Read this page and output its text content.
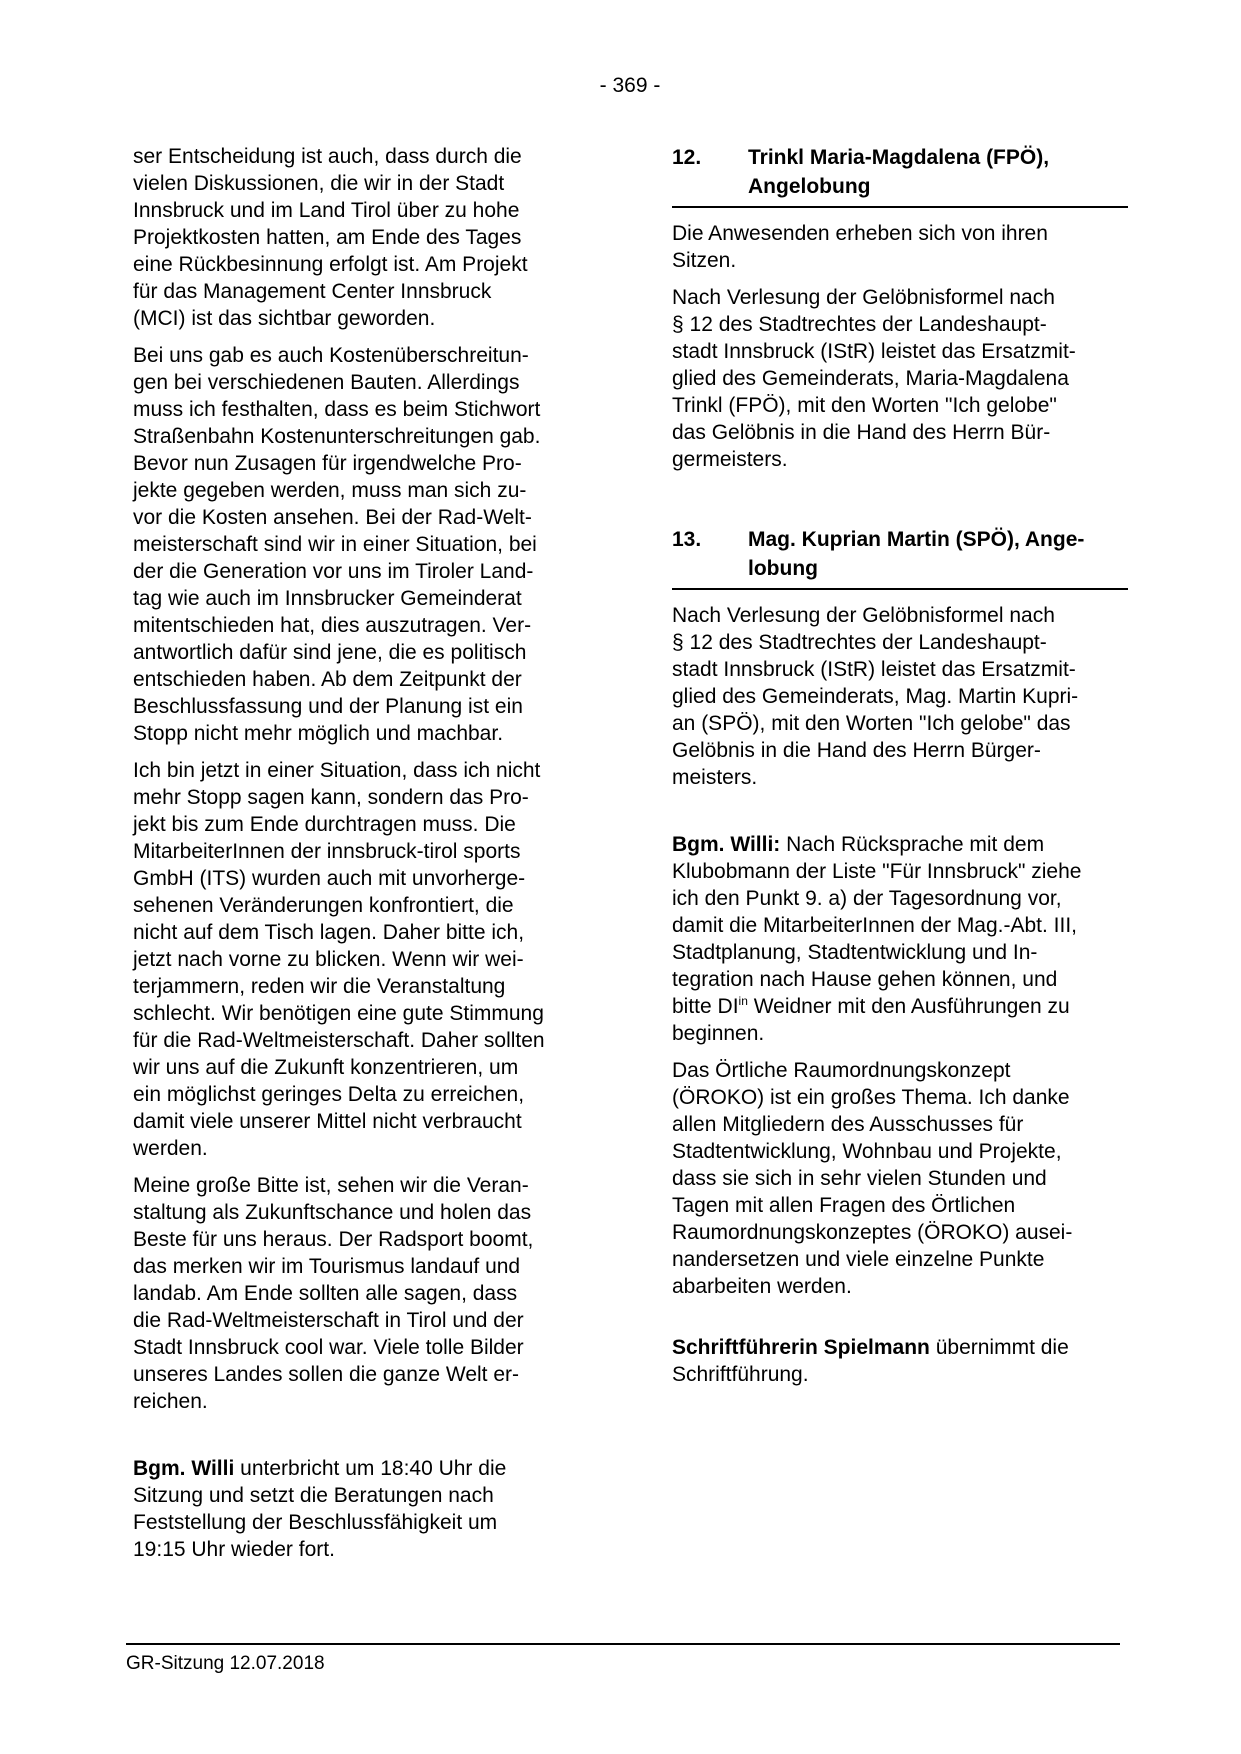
- 369 -
ser Entscheidung ist auch, dass durch die
vielen Diskussionen, die wir in der Stadt
Innsbruck und im Land Tirol über zu hohe
Projektkosten hatten, am Ende des Tages
eine Rückbesinnung erfolgt ist. Am Projekt
für das Management Center Innsbruck
(MCI) ist das sichtbar geworden.
Bei uns gab es auch Kostenüberschreitun-
gen bei verschiedenen Bauten. Allerdings
muss ich festhalten, dass es beim Stichwort
Straßenbahn Kostenunterschreitungen gab.
Bevor nun Zusagen für irgendwelche Pro-
jekte gegeben werden, muss man sich zu-
vor die Kosten ansehen. Bei der Rad-Welt-
meisterschaft sind wir in einer Situation, bei
der die Generation vor uns im Tiroler Land-
tag wie auch im Innsbrucker Gemeinderat
mitentschieden hat, dies auszutragen. Ver-
antwortlich dafür sind jene, die es politisch
entschieden haben. Ab dem Zeitpunkt der
Beschlussfassung und der Planung ist ein
Stopp nicht mehr möglich und machbar.
Ich bin jetzt in einer Situation, dass ich nicht
mehr Stopp sagen kann, sondern das Pro-
jekt bis zum Ende durchtragen muss. Die
MitarbeiterInnen der innsbruck-tirol sports
GmbH (ITS) wurden auch mit unvorherge-
sehenen Veränderungen konfrontiert, die
nicht auf dem Tisch lagen. Daher bitte ich,
jetzt nach vorne zu blicken. Wenn wir wei-
terjammern, reden wir die Veranstaltung
schlecht. Wir benötigen eine gute Stimmung
für die Rad-Weltmeisterschaft. Daher sollten
wir uns auf die Zukunft konzentrieren, um
ein möglichst geringes Delta zu erreichen,
damit viele unserer Mittel nicht verbraucht
werden.
Meine große Bitte ist, sehen wir die Veran-
staltung als Zukunftschance und holen das
Beste für uns heraus. Der Radsport boomt,
das merken wir im Tourismus landauf und
landab. Am Ende sollten alle sagen, dass
die Rad-Weltmeisterschaft in Tirol und der
Stadt Innsbruck cool war. Viele tolle Bilder
unseres Landes sollen die ganze Welt er-
reichen.
Bgm. Willi unterbricht um 18:40 Uhr die
Sitzung und setzt die Beratungen nach
Feststellung der Beschlussfähigkeit um
19:15 Uhr wieder fort.
12. Trinkl Maria-Magdalena (FPÖ),
Angelobung
Die Anwesenden erheben sich von ihren
Sitzen.
Nach Verlesung der Gelöbnisformel nach
§ 12 des Stadtrechtes der Landeshaupt-
stadt Innsbruck (IStR) leistet das Ersatzmit-
glied des Gemeinderats, Maria-Magdalena
Trinkl (FPÖ), mit den Worten "Ich gelobe"
das Gelöbnis in die Hand des Herrn Bür-
germeisters.
13. Mag. Kuprian Martin (SPÖ), Ange-
lobung
Nach Verlesung der Gelöbnisformel nach
§ 12 des Stadtrechtes der Landeshaupt-
stadt Innsbruck (IStR) leistet das Ersatzmit-
glied des Gemeinderats, Mag. Martin Kupri-
an (SPÖ), mit den Worten "Ich gelobe" das
Gelöbnis in die Hand des Herrn Bürger-
meisters.
Bgm. Willi: Nach Rücksprache mit dem
Klubobmann der Liste "Für Innsbruck" ziehe
ich den Punkt 9. a) der Tagesordnung vor,
damit die MitarbeiterInnen der Mag.-Abt. III,
Stadtplanung, Stadtentwicklung und In-
tegration nach Hause gehen können, und
bitte $DI^{in}$ Weidner mit den Ausführungen zu
beginnen.
Das Örtliche Raumordnungskonzept
(ÖROKO) ist ein großes Thema. Ich danke
allen Mitgliedern des Ausschusses für
Stadtentwicklung, Wohnbau und Projekte,
dass sie sich in sehr vielen Stunden und
Tagen mit allen Fragen des Örtlichen
Raumordnungskonzeptes (ÖROKO) ausei-
nandersetzen und viele einzelne Punkte
abarbeiten werden.
Schriftführerin Spielmann übernimmt die
Schriftführung.
GR-Sitzung 12.07.2018
